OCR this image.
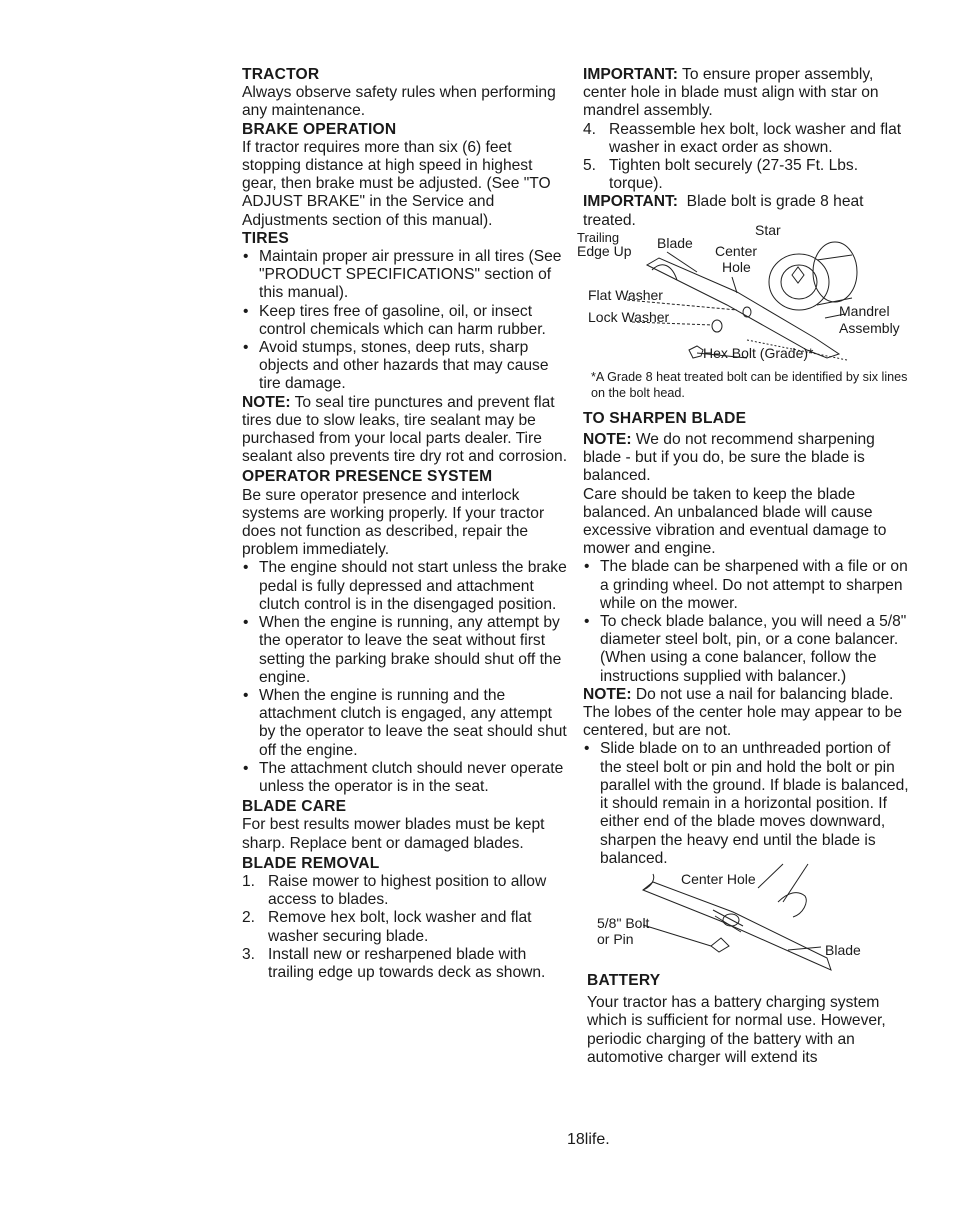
TRACTOR

Always observe safety rules when performing any maintenance.

BRAKE OPERATION

If tractor requires more than six (6) feet stopping distance at high speed in highest gear, then brake must be adjusted. (See "TO ADJUST BRAKE" in the Service and Adjustments section of this manual).

TIRES
• Maintain proper air pressure in all tires (See "PRODUCT SPECIFICATIONS" section of this manual).
• Keep tires free of gasoline, oil, or insect control chemicals which can harm rubber.
• Avoid stumps, stones, deep ruts, sharp objects and other hazards that may cause tire damage.

NOTE: To seal tire punctures and prevent flat tires due to slow leaks, tire sealant may be purchased from your local parts dealer. Tire sealant also prevents tire dry rot and corrosion.

OPERATOR PRESENCE SYSTEM

Be sure operator presence and interlock systems are working properly. If your tractor does not function as described, repair the problem immediately.

• The engine should not start unless the brake pedal is fully depressed and attachment clutch control is in the disengaged position.
• When the engine is running, any attempt by the operator to leave the seat without first setting the parking brake should shut off the engine.
• When the engine is running and the attachment clutch is engaged, any attempt by the operator to leave the seat should shut off the engine.
• The attachment clutch should never operate unless the operator is in the seat.
BLADE CARE

For best results mower blades must be kept sharp. Replace bent or damaged blades.

BLADE REMOVAL
1. Raise mower to highest position to allow access to blades.
2. Remove hex bolt, lock washer and flat washer securing blade.
3. Install new or resharpened blade with trailing edge up towards deck as shown.

IMPORTANT: To ensure proper assembly, center hole in blade must align with star on mandrel assembly.

4. Reassemble hex bolt, lock washer and flat washer in exact order as shown.
5. Tighten bolt securely (27-35 Ft. Lbs. torque).

IMPORTANT:  Blade bolt is grade 8 heat treated.

Trailing
Edge Up Blade
Star
Center
Hole
Flat Washer
Lock Washer	Mandrel
Assembly
Hex Bolt (Grade)*

*A Grade 8 heat treated bolt can be identified by six lines on the bolt head.

TO SHARPEN BLADE

NOTE: We do not recommend sharpening blade - but if you do, be sure the blade is balanced.

Care should be taken to keep the blade balanced. An unbalanced blade will cause excessive vibration and eventual damage to mower and engine.

• The blade can be sharpened with a file or on a grinding wheel. Do not attempt to sharpen while on the mower.
• To check blade balance, you will need a 5/8" diameter steel bolt, pin, or a cone balancer. (When using a cone balancer, follow the instructions supplied with balancer.)

NOTE: Do not use a nail for balancing blade. The lobes of the center hole may appear to be centered, but are not.

• Slide blade on to an unthreaded portion of the steel bolt or pin and hold the bolt or pin parallel with the ground. If blade is balanced, it should remain in a horizontal position. If either end of the blade moves downward, sharpen the heavy end until the blade is balanced.
Center Hole
5/8" Bolt
or Pin
Blade
BATTERY

Your tractor has a battery charging system which is sufficient for normal use. However, periodic charging of the battery with an automotive charger will extend its

18life.
